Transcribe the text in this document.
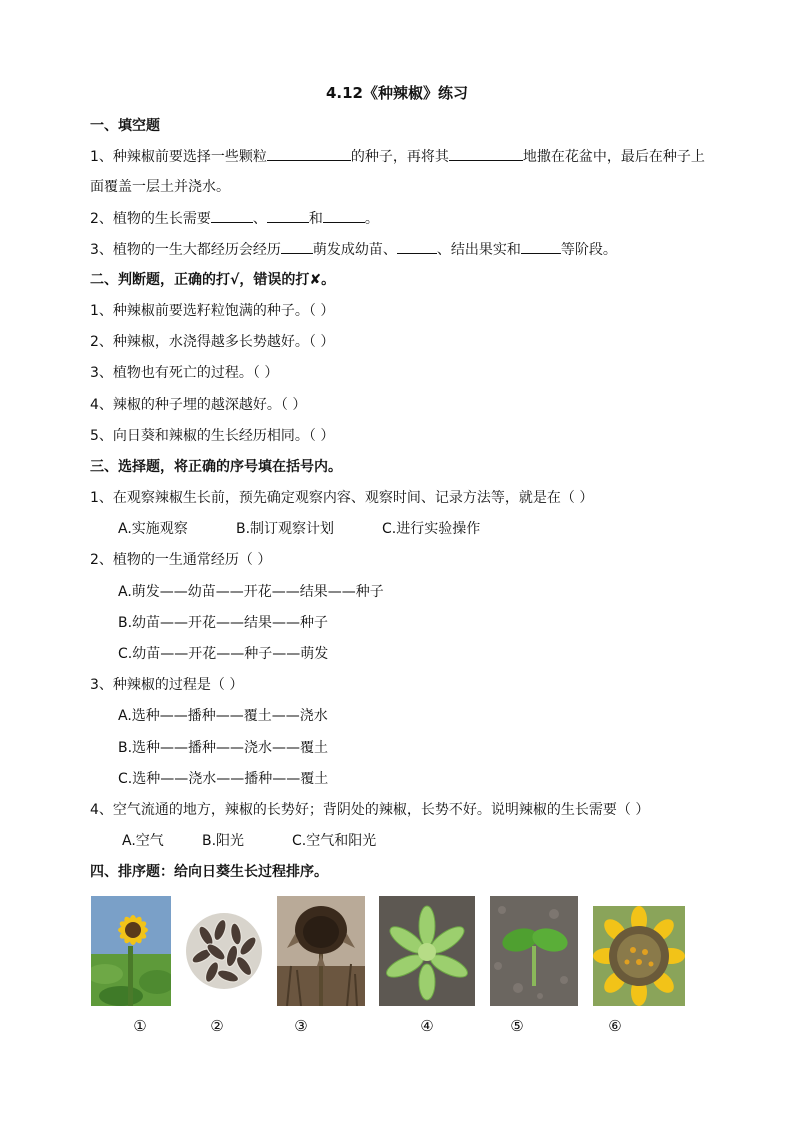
4.12《种辣椒》练习
一、填空题
1、种辣椒前要选择一些颗粒	的种子，再将其	地撒在花盆中，最后在种子上
面覆盖一层土并浇水。
2、植物的生长需要	、	和	。
3、植物的一生大都经历会经历 萌发成幼苗、	、结出果实和	等阶段。
二、判断题，正确的打√，错误的打✘。
1、种辣椒前要选籽粒饱满的种子。（ ）
2、种辣椒，水浇得越多长势越好。（ ）
3、植物也有死亡的过程。（ ）
4、辣椒的种子埋的越深越好。（ ）
5、向日葵和辣椒的生长经历相同。（ ）
三、选择题，将正确的序号填在括号内。
1、在观察辣椒生长前，预先确定观察内容、观察时间、记录方法等，就是在（ ）
A.实施观察	B.制订观察计划	C.进行实验操作
2、植物的一生通常经历（ ）
A.萌发——幼苗——开花——结果——种子
B.幼苗——开花——结果——种子
C.幼苗——开花——种子——萌发
3、种辣椒的过程是（ ）
A.选种——播种——覆土——浇水
B.选种——播种——浇水——覆土
C.选种——浇水——播种——覆土
4、空气流通的地方，辣椒的长势好；背阴处的辣椒，长势不好。说明辣椒的生长需要（ ）
A.空气	B.阳光	C.空气和阳光
四、排序题：给向日葵生长过程排序。
①	②	③	④	⑤	⑥
